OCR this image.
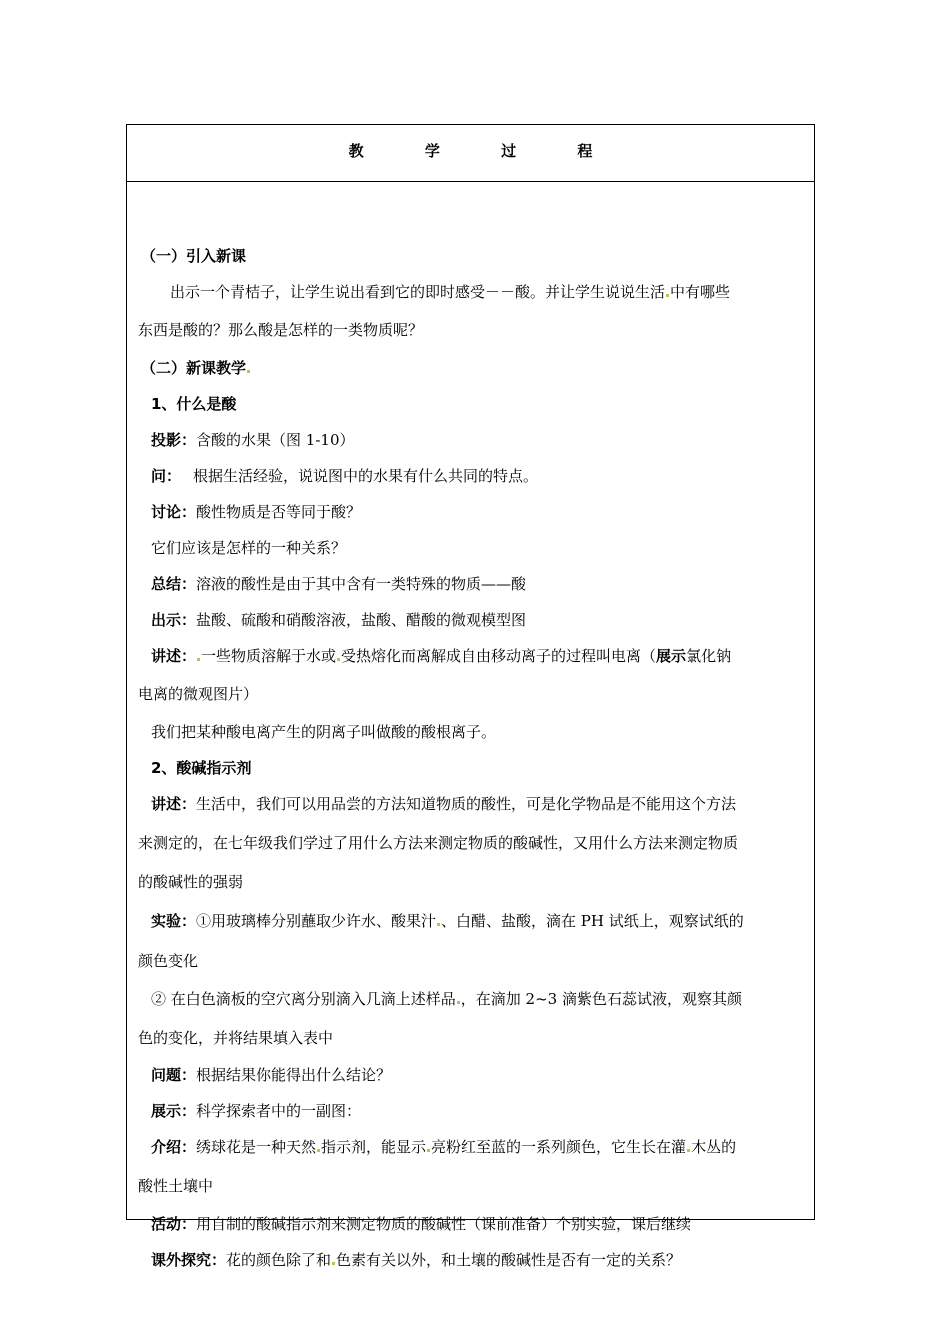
教 学 过 程
（一）引入新课
出示一个青桔子，让学生说出看到它的即时感受－－酸。并让学生说说生活 中有哪些
东西是酸的？那么酸是怎样的一类物质呢？
（二）新课教学
1、什么是酸
投影：含酸的水果（图 1-10）
问： 根据生活经验，说说图中的水果有什么共同的特点。
讨论：酸性物质是否等同于酸？
它们应该是怎样的一种关系？
总结：溶液的酸性是由于其中含有一类特殊的物质——酸
出示：盐酸、硫酸和硝酸溶液，盐酸、醋酸的微观模型图
讲述： 一些物质溶解于水或 受热熔化而离解成自由移动离子的过程叫电离（展示氯化钠
电离的微观图片）
我们把某种酸电离产生的阴离子叫做酸的酸根离子。
2、酸碱指示剂
讲述：生活中，我们可以用品尝的方法知道物质的酸性，可是化学物品是不能用这个方法
来测定的，在七年级我们学过了用什么方法来测定物质的酸碱性，又用什么方法来测定物质
的酸碱性的强弱
实验：①用玻璃棒分别蘸取少许水、酸果汁 、白醋、盐酸，滴在 PH 试纸上，观察试纸的
颜色变化
② 在白色滴板的空穴离分别滴入几滴上述样品 ，在滴加 2~3 滴紫色石蕊试液，观察其颜
色的变化，并将结果填入表中
问题：根据结果你能得出什么结论？
展示：科学探索者中的一副图：
介绍：绣球花是一种天然 指示剂，能显示 亮粉红至蓝的一系列颜色，它生长在灌 木丛的
酸性土壤中
活动：用自制的酸碱指示剂来测定物质的酸碱性（课前准备）个别实验，课后继续
课外探究：花的颜色除了和 色素有关以外，和土壤的酸碱性是否有一定的关系？
